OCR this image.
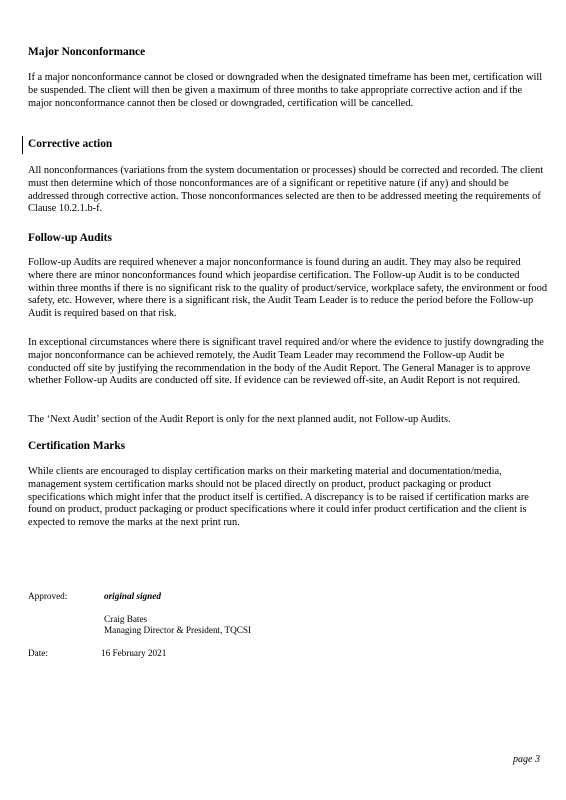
Major Nonconformance

If a major nonconformance cannot be closed or downgraded when the designated timeframe has been met, certification will be suspended. The client will then be given a maximum of three months to take appropriate corrective action and if the major nonconformance cannot then be closed or downgraded, certification will be cancelled.

Corrective action

All nonconformances (variations from the system documentation or processes) should be corrected and recorded. The client must then determine which of those nonconformances are of a significant or repetitive nature (if any) and should be addressed through corrective action. Those nonconformances selected are then to be addressed meeting the requirements of Clause 10.2.1.b-f.

Follow-up Audits

Follow-up Audits are required whenever a major nonconformance is found during an audit. They may also be required where there are minor nonconformances found which jeopardise certification. The Follow-up Audit is to be conducted within three months if there is no significant risk to the quality of product/service, workplace safety, the environment or food safety, etc. However, where there is a significant risk, the Audit Team Leader is to reduce the period before the Follow-up Audit is required based on that risk.

In exceptional circumstances where there is significant travel required and/or where the evidence to justify downgrading the major nonconformance can be achieved remotely, the Audit Team Leader may recommend the Follow-up Audit be conducted off site by justifying the recommendation in the body of the Audit Report. The General Manager is to approve whether Follow-up Audits are conducted off site. If evidence can be reviewed off-site, an Audit Report is not required.

The ‘Next Audit’ section of the Audit Report is only for the next planned audit, not Follow-up Audits.

Certification Marks

While clients are encouraged to display certification marks on their marketing material and documentation/media, management system certification marks should not be placed directly on product, product packaging or product specifications which might infer that the product itself is certified. A discrepancy is to be raised if certification marks are found on product, product packaging or product specifications where it could infer product certification and the client is expected to remove the marks at the next print run.

Approved:	original signed
Craig Bates
Managing Director & President, TQCSI
Date:	16 February 2021
page 3
